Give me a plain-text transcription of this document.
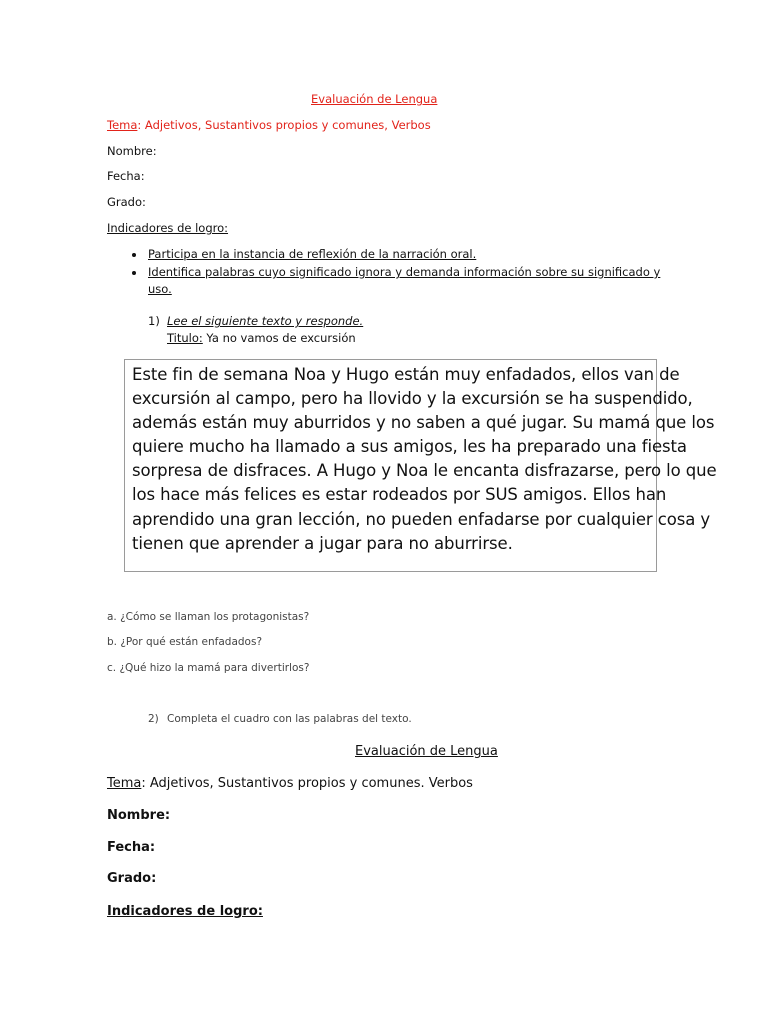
Evaluación de Lengua
Tema: Adjetivos, Sustantivos propios y comunes, Verbos
Nombre:
Fecha:
Grado:
Indicadores de logro:
Participa en la instancia de reflexión de la narración oral.
Identifica palabras cuyo significado ignora y demanda información sobre su significado y
uso.
1) Lee el siguiente texto y responde.
Titulo: Ya no vamos de excursión
Este fin de semana Noa y Hugo están muy enfadados, ellos van de
excursión al campo, pero ha llovido y la excursión se ha suspendido,
además están muy aburridos y no saben a qué jugar. Su mamá que los
quiere mucho ha llamado a sus amigos, les ha preparado una fiesta
sorpresa de disfraces. A Hugo y Noa le encanta disfrazarse, pero lo que
los hace más felices es estar rodeados por SUS amigos. Ellos han
aprendido una gran lección, no pueden enfadarse por cualquier cosa y
tienen que aprender a jugar para no aburrirse.
a. ¿Cómo se llaman los protagonistas?
b. ¿Por qué están enfadados?
c. ¿Qué hizo la mamá para divertirlos?
2) Completa el cuadro con las palabras del texto.
Evaluación de Lengua
Tema: Adjetivos, Sustantivos propios y comunes. Verbos
Nombre:
Fecha:
Grado:
Indicadores de logro:
